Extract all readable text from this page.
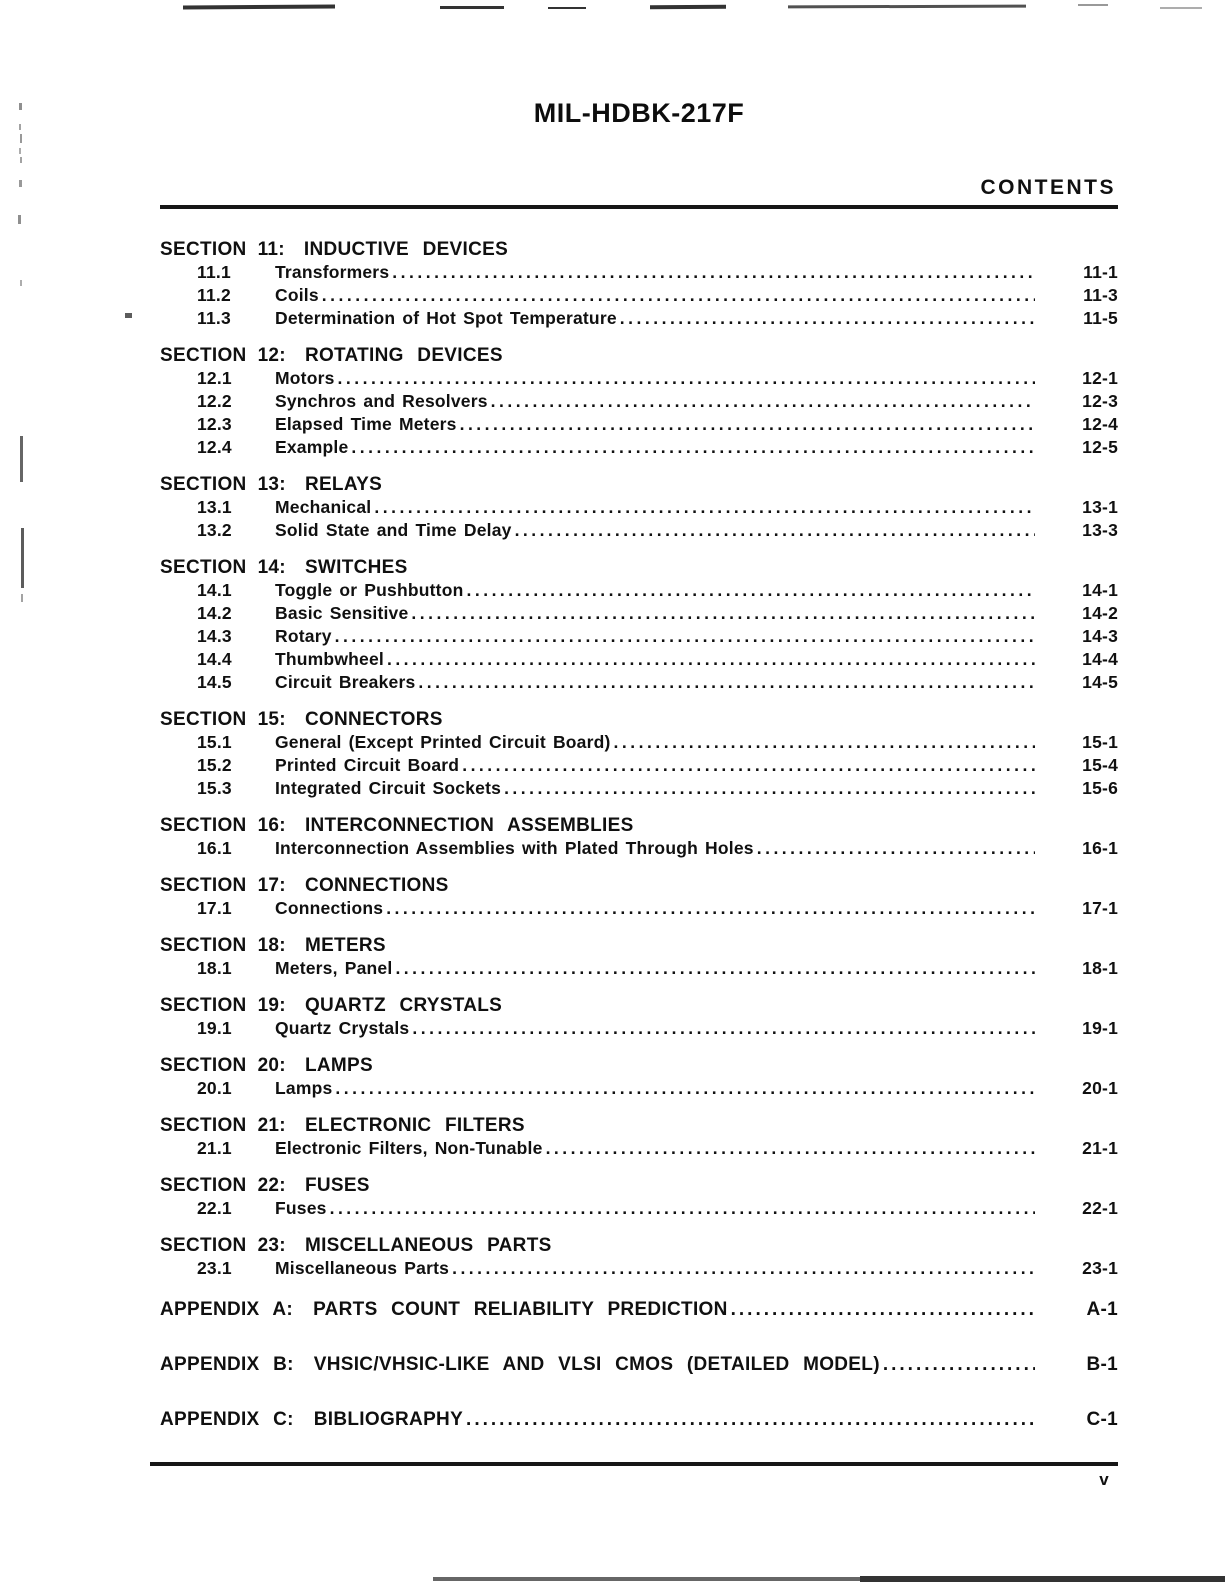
MIL-HDBK-217F
CONTENTS
SECTION 11: INDUCTIVE DEVICES
11.1	Transformers .....	11-1
11.2	Coils .....	11-3
11.3	Determination of Hot Spot Temperature .....	11-5
SECTION 12: ROTATING DEVICES
12.1	Motors .....	12-1
12.2	Synchros and Resolvers .....	12-3
12.3	Elapsed Time Meters .....	12-4
12.4	Example .....	12-5
SECTION 13: RELAYS
13.1	Mechanical .....	13-1
13.2	Solid State and Time Delay .....	13-3
SECTION 14: SWITCHES
14.1	Toggle or Pushbutton .....	14-1
14.2	Basic Sensitive .....	14-2
14.3	Rotary .....	14-3
14.4	Thumbwheel .....	14-4
14.5	Circuit Breakers .....	14-5
SECTION 15: CONNECTORS
15.1	General (Except Printed Circuit Board) .....	15-1
15.2	Printed Circuit Board .....	15-4
15.3	Integrated Circuit Sockets .....	15-6
SECTION 16: INTERCONNECTION ASSEMBLIES
16.1	Interconnection Assemblies with Plated Through Holes .....	16-1
SECTION 17: CONNECTIONS
17.1	Connections .....	17-1
SECTION 18: METERS
18.1	Meters, Panel .....	18-1
SECTION 19: QUARTZ CRYSTALS
19.1	Quartz Crystals .....	19-1
SECTION 20: LAMPS
20.1	Lamps .....	20-1
SECTION 21: ELECTRONIC FILTERS
21.1	Electronic Filters, Non-Tunable .....	21-1
SECTION 22: FUSES
22.1	Fuses .....	22-1
SECTION 23: MISCELLANEOUS PARTS
23.1	Miscellaneous Parts .....	23-1
APPENDIX A: PARTS COUNT RELIABILITY PREDICTION .....	A-1
APPENDIX B: VHSIC/VHSIC-LIKE AND VLSI CMOS (DETAILED MODEL) .....	B-1
APPENDIX C: BIBLIOGRAPHY .....	C-1
v
